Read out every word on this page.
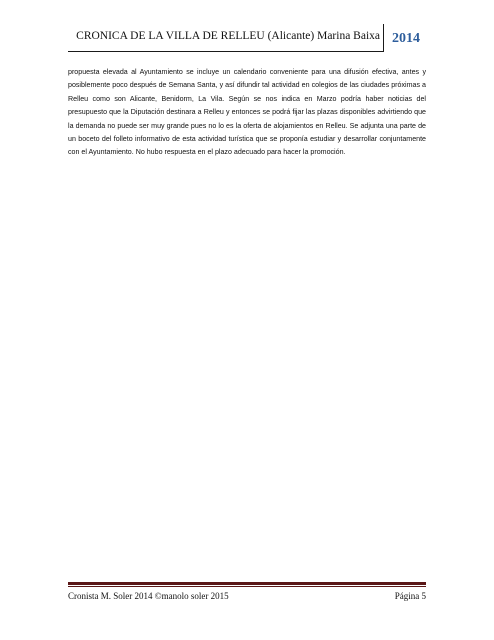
CRONICA DE LA VILLA DE RELLEU (Alicante) Marina Baixa 2014
propuesta elevada al Ayuntamiento se incluye un calendario conveniente para una difusión efectiva, antes y posiblemente poco después de Semana Santa, y así difundir tal actividad en colegios de las ciudades próximas a Relleu como son Alicante, Benidorm, La Vila. Según se nos indica en Marzo podría haber noticias del presupuesto que la Diputación destinara a Relleu y entonces se podrá fijar las plazas disponibles advirtiendo que la demanda no puede ser muy grande pues no lo es la oferta de alojamientos en Relleu. Se adjunta una parte de un boceto del folleto informativo de esta actividad turística que se proponía estudiar y desarrollar conjuntamente con el Ayuntamiento. No hubo respuesta en el plazo adecuado para hacer la promoción.
Cronista M. Soler 2014 ©manolo soler 2015	Página 5
